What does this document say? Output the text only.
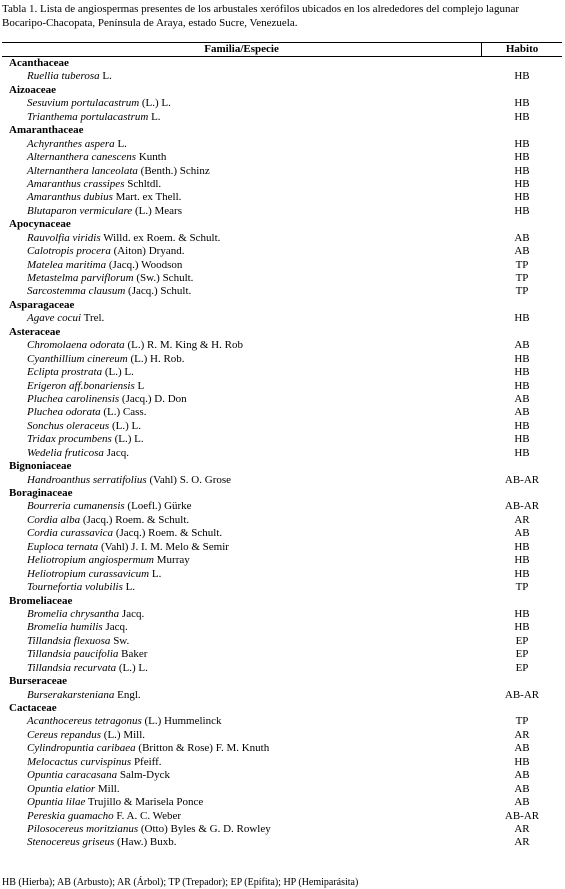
Tabla 1. Lista de angiospermas presentes de los arbustales xerófilos ubicados en los alrededores del complejo lagunar Bocaripo-Chacopata, Península de Araya, estado Sucre, Venezuela.
Familia/Especie	Habito
Acanthaceae
Ruellia tuberosa L.	HB
Aizoaceae
Sesuvium portulacastrum (L.) L.	HB
Trianthema portulacastrum L.	HB
Amaranthaceae
Achyranthes aspera L.	HB
Alternanthera canescens Kunth	HB
Alternanthera lanceolata (Benth.) Schinz	HB
Amaranthus crassipes Schltdl.	HB
Amaranthus dubius Mart. ex Thell.	HB
Blutaparon vermiculare (L.) Mears	HB
Apocynaceae
Rauvolfia viridis Willd. ex Roem. & Schult.	AB
Calotropis procera (Aiton) Dryand.	AB
Matelea maritima (Jacq.) Woodson	TP
Metastelma parviflorum (Sw.) Schult.	TP
Sarcostemma clausum (Jacq.) Schult.	TP
Asparagaceae
Agave cocui Trel.	HB
Asteraceae
Chromolaena odorata (L.) R. M. King & H. Rob	AB
Cyanthillium cinereum (L.) H. Rob.	HB
Eclipta prostrata (L.) L.	HB
Erigeron aff.bonariensis L	HB
Pluchea carolinensis (Jacq.) D. Don	AB
Pluchea odorata (L.) Cass.	AB
Sonchus oleraceus (L.) L.	HB
Tridax procumbens (L.) L.	HB
Wedelia fruticosa Jacq.	HB
Bignoniaceae
Handroanthus serratifolius (Vahl) S. O. Grose	AB-AR
Boraginaceae
Bourreria cumanensis (Loefl.) Gürke	AB-AR
Cordia alba (Jacq.) Roem. & Schult.	AR
Cordia curassavica (Jacq.) Roem. & Schult.	AB
Euploca ternata (Vahl) J. I. M. Melo & Semir	HB
Heliotropium angiospermum Murray	HB
Heliotropium curassavicum L.	HB
Tournefortia volubilis L.	TP
Bromeliaceae
Bromelia chrysantha Jacq.	HB
Bromelia humilis Jacq.	HB
Tillandsia flexuosa Sw.	EP
Tillandsia paucifolia Baker	EP
Tillandsia recurvata (L.) L.	EP
Burseraceae
Burserakarsteniana Engl.	AB-AR
Cactaceae
Acanthocereus tetragonus (L.) Hummelinck	TP
Cereus repandus (L.) Mill.	AR
Cylindropuntia caribaea (Britton & Rose) F. M. Knuth	AB
Melocactus curvispinus Pfeiff.	HB
Opuntia caracasana Salm-Dyck	AB
Opuntia elatior Mill.	AB
Opuntia lilae Trujillo & Marisela Ponce	AB
Pereskia guamacho F. A. C. Weber	AB-AR
Pilosocereus moritzianus (Otto) Byles & G. D. Rowley	AR
Stenocereus griseus (Haw.) Buxb.	AR
HB (Hierba); AB (Arbusto); AR (Árbol); TP (Trepador); EP (Epífita); HP (Hemiparásita)
